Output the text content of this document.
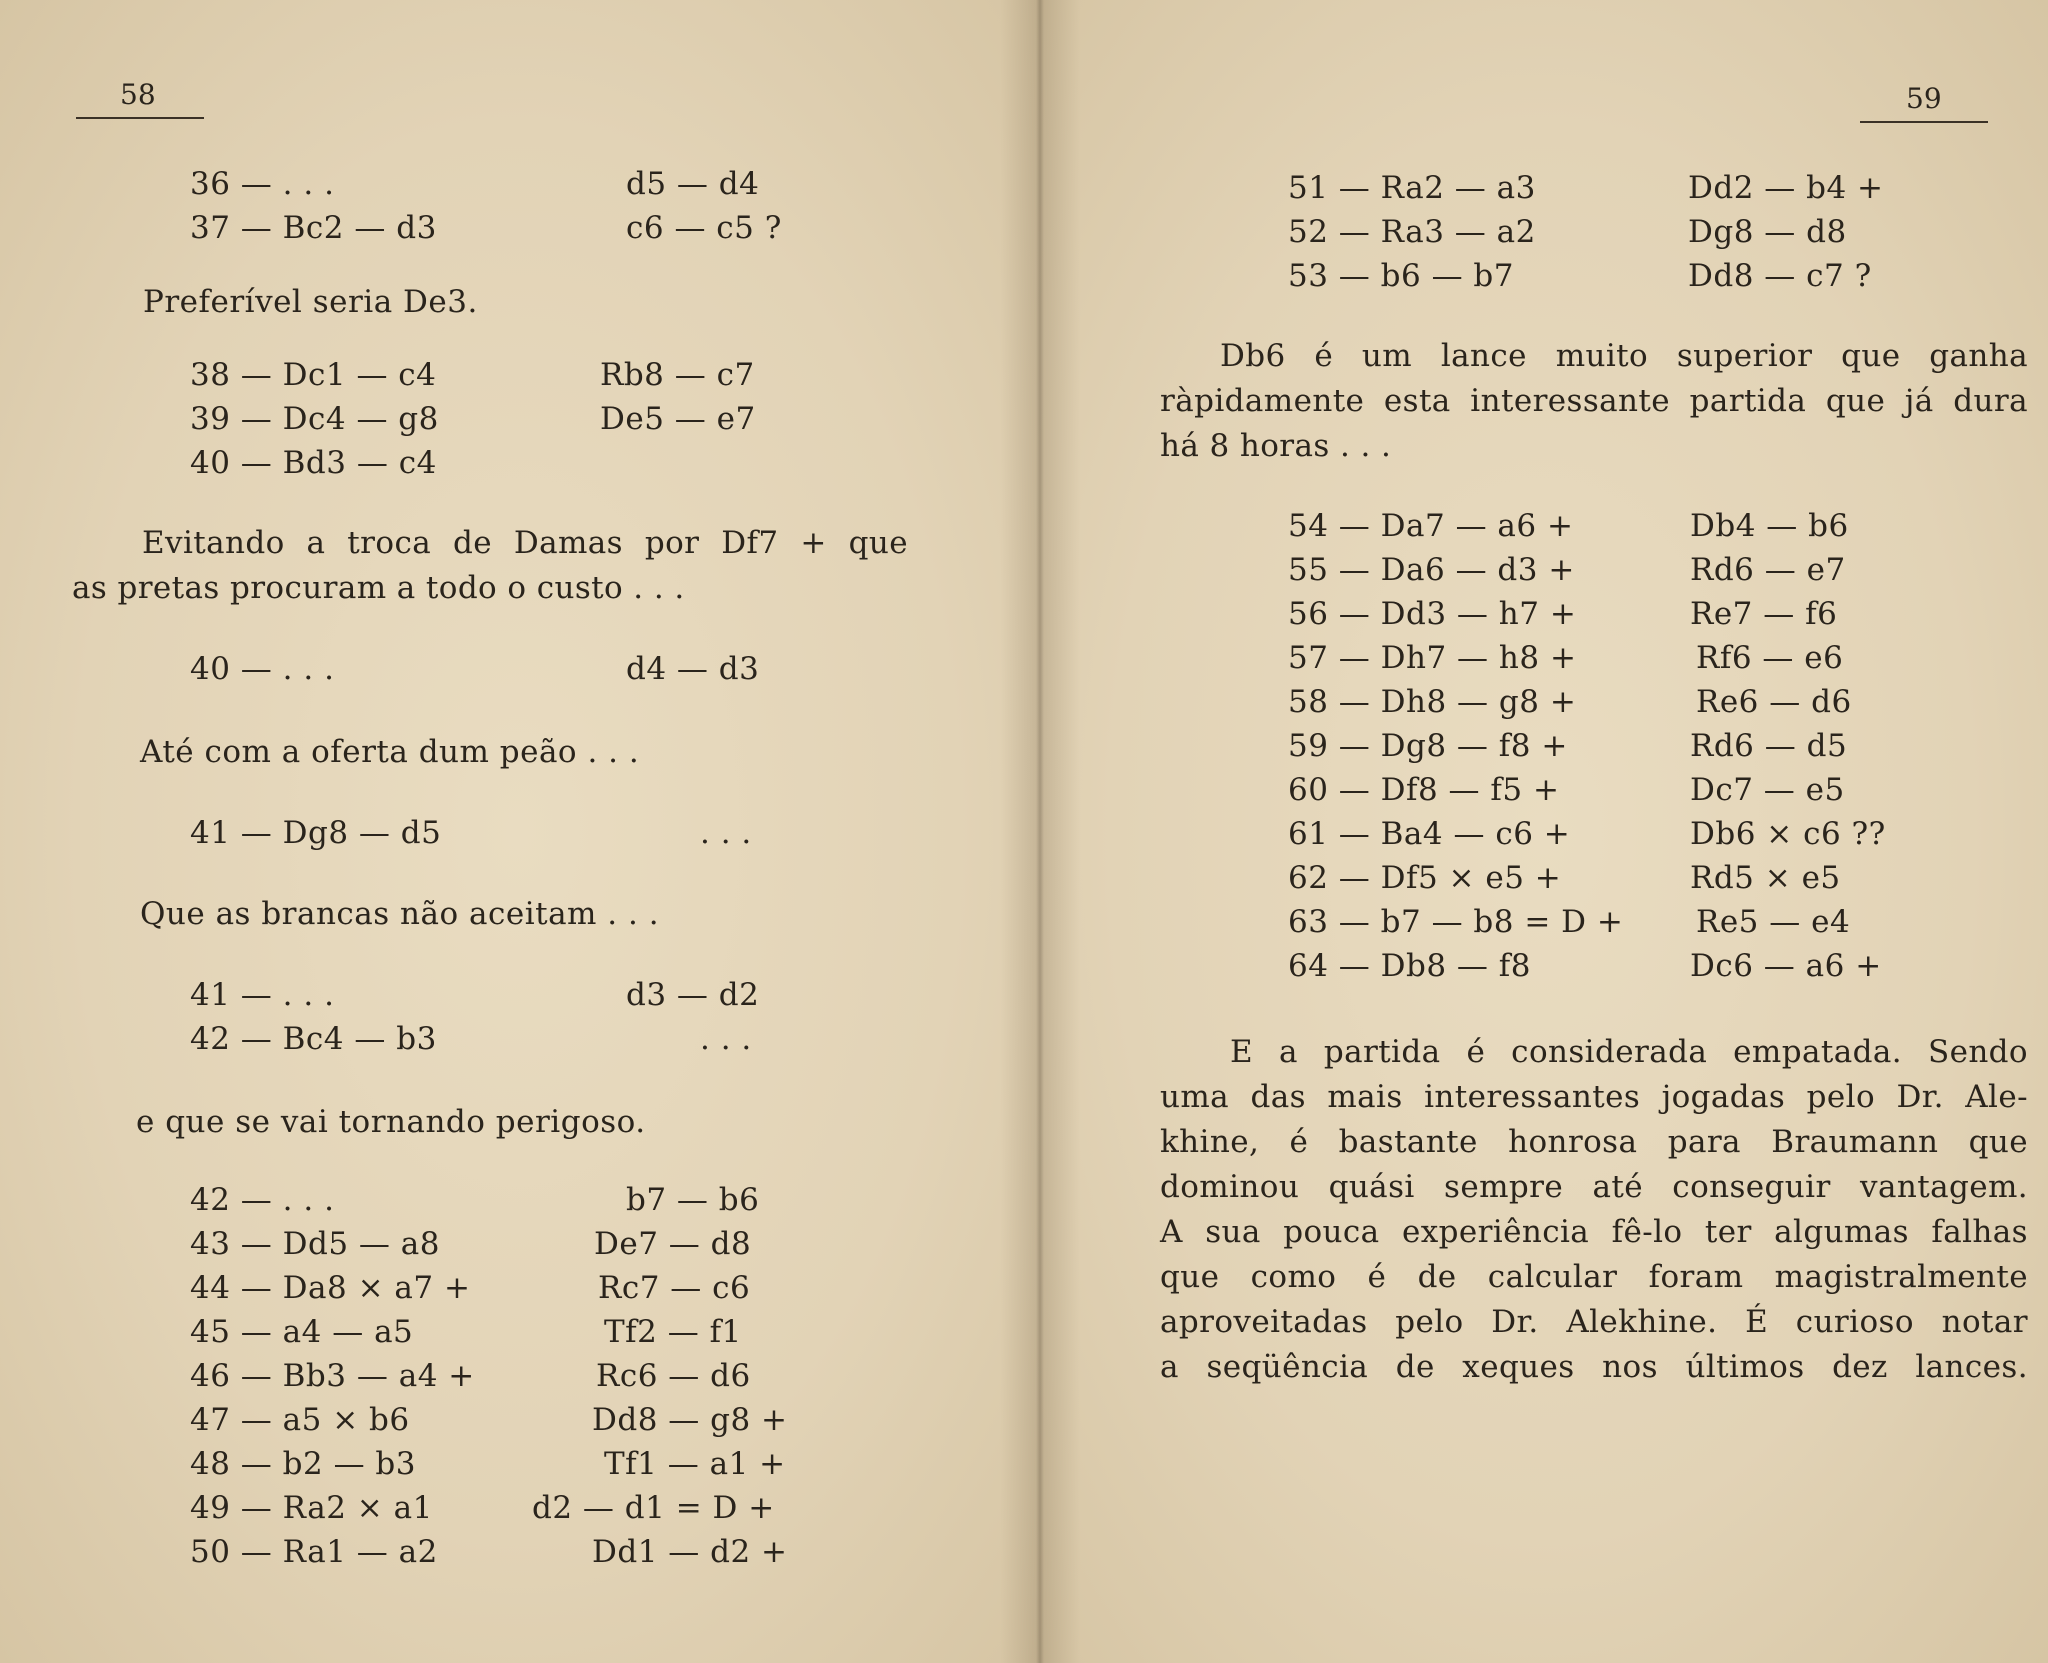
58
36 — . . .	d5 — d4
37 — Bc2 — d3	c6 — c5 ?
Preferível seria De3.
38 — Dc1 — c4	Rb8 — c7
39 — Dc4 — g8	De5 — e7
40 — Bd3 — c4
Evitando a troca de Damas por Df7 + que
as pretas procuram a todo o custo . . .
40 — . . .	d4 — d3
Até com a oferta dum peão . . .
41 — Dg8 — d5	. . .
Que as brancas não aceitam . . .
41 — . . .	d3 — d2
42 — Bc4 — b3	. . .
e que se vai tornando perigoso.
42 — . . .	b7 — b6
43 — Dd5 — a8	De7 — d8
44 — Da8 × a7 +	Rc7 — c6
45 — a4 — a5	Tf2 — f1
46 — Bb3 — a4 +	Rc6 — d6
47 — a5 × b6	Dd8 — g8 +
48 — b2 — b3	Tf1 — a1 +
49 — Ra2 × a1	d2 — d1 = D +
50 — Ra1 — a2	Dd1 — d2 +
59
51 — Ra2 — a3	Dd2 — b4 +
52 — Ra3 — a2	Dg8 — d8
53 — b6 — b7	Dd8 — c7 ?
Db6 é um lance muito superior que ganha
ràpidamente esta interessante partida que já dura
há 8 horas . . .
54 — Da7 — a6 +	Db4 — b6
55 — Da6 — d3 +	Rd6 — e7
56 — Dd3 — h7 +	Re7 — f6
57 — Dh7 — h8 +	Rf6 — e6
58 — Dh8 — g8 +	Re6 — d6
59 — Dg8 — f8 +	Rd6 — d5
60 — Df8 — f5 +	Dc7 — e5
61 — Ba4 — c6 +	Db6 × c6 ??
62 — Df5 × e5 +	Rd5 × e5
63 — b7 — b8 = D + Re5 — e4
64 — Db8 — f8	Dc6 — a6 +
E a partida é considerada empatada. Sendo
uma das mais interessantes jogadas pelo Dr. Ale-
khine, é bastante honrosa para Braumann que
dominou quási sempre até conseguir vantagem.
A sua pouca experiência fê-lo ter algumas falhas
que como é de calcular foram magistralmente
aproveitadas pelo Dr. Alekhine. É curioso notar
a seqüência de xeques nos últimos dez lances.
